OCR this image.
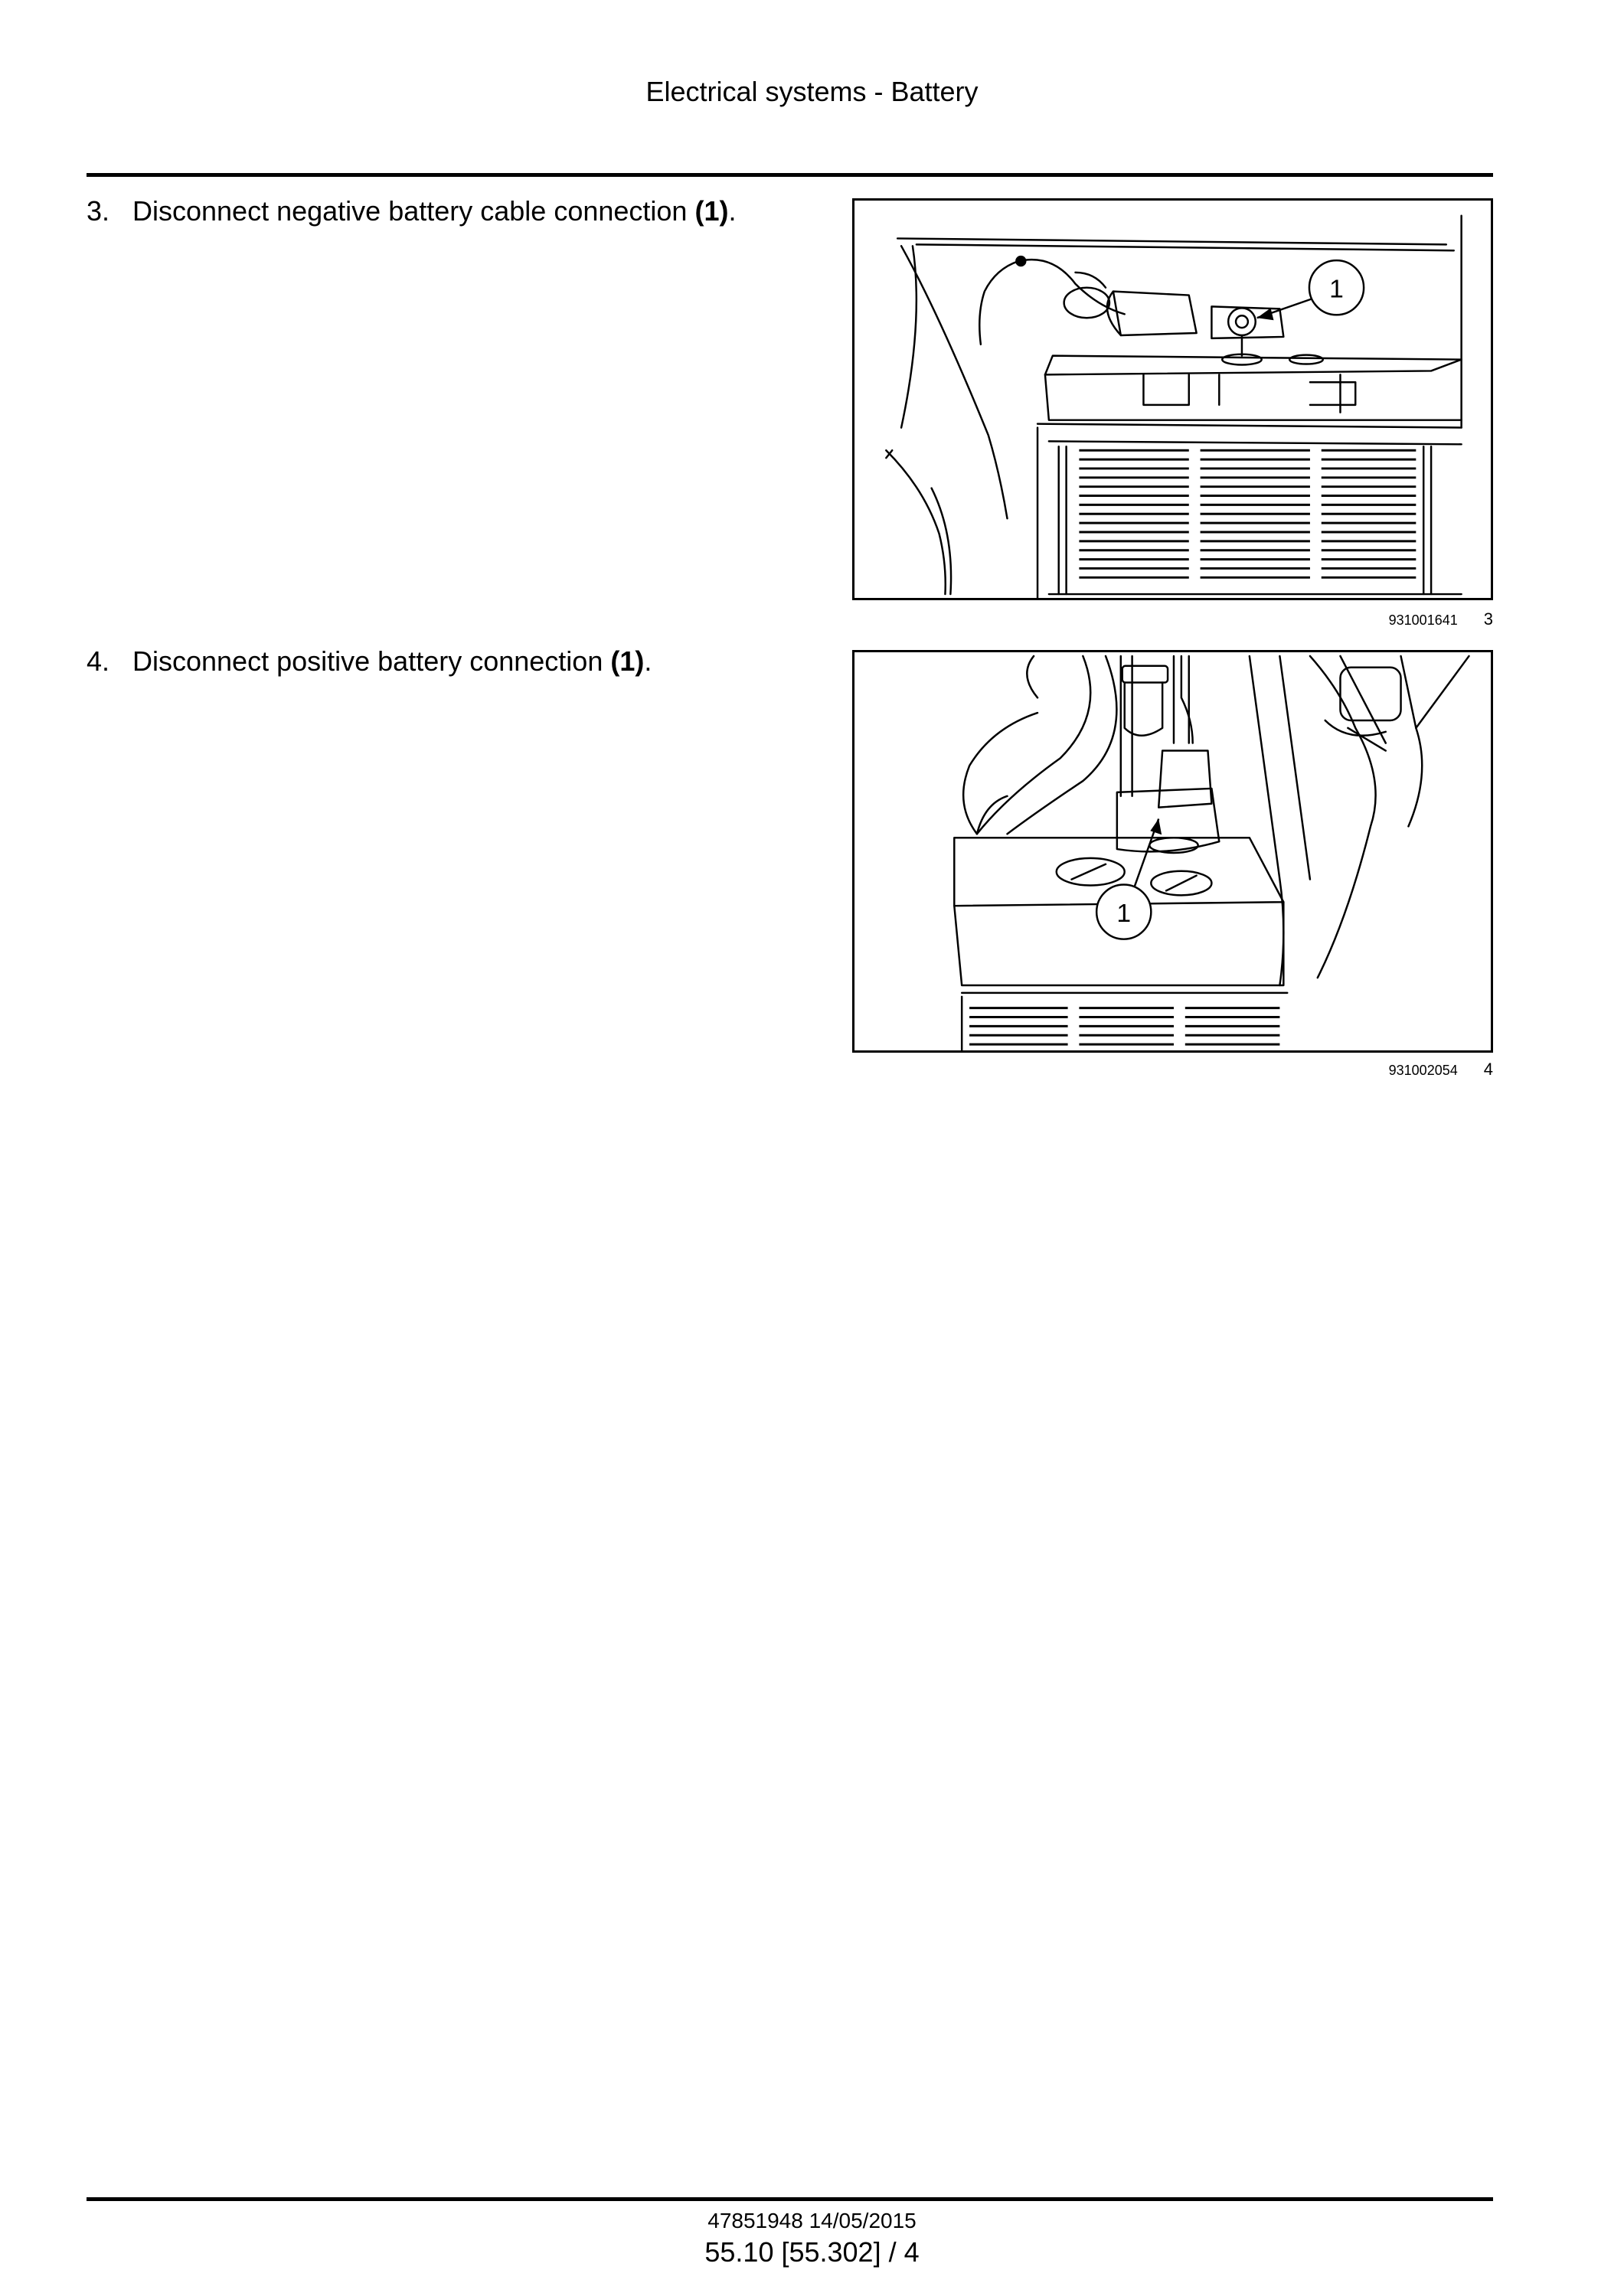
Electrical systems - Battery
3. Disconnect negative battery cable connection (1).
1
931001641 3
4. Disconnect positive battery connection (1).
1
931002054 4
47851948 14/05/2015
55.10 [55.302] / 4
